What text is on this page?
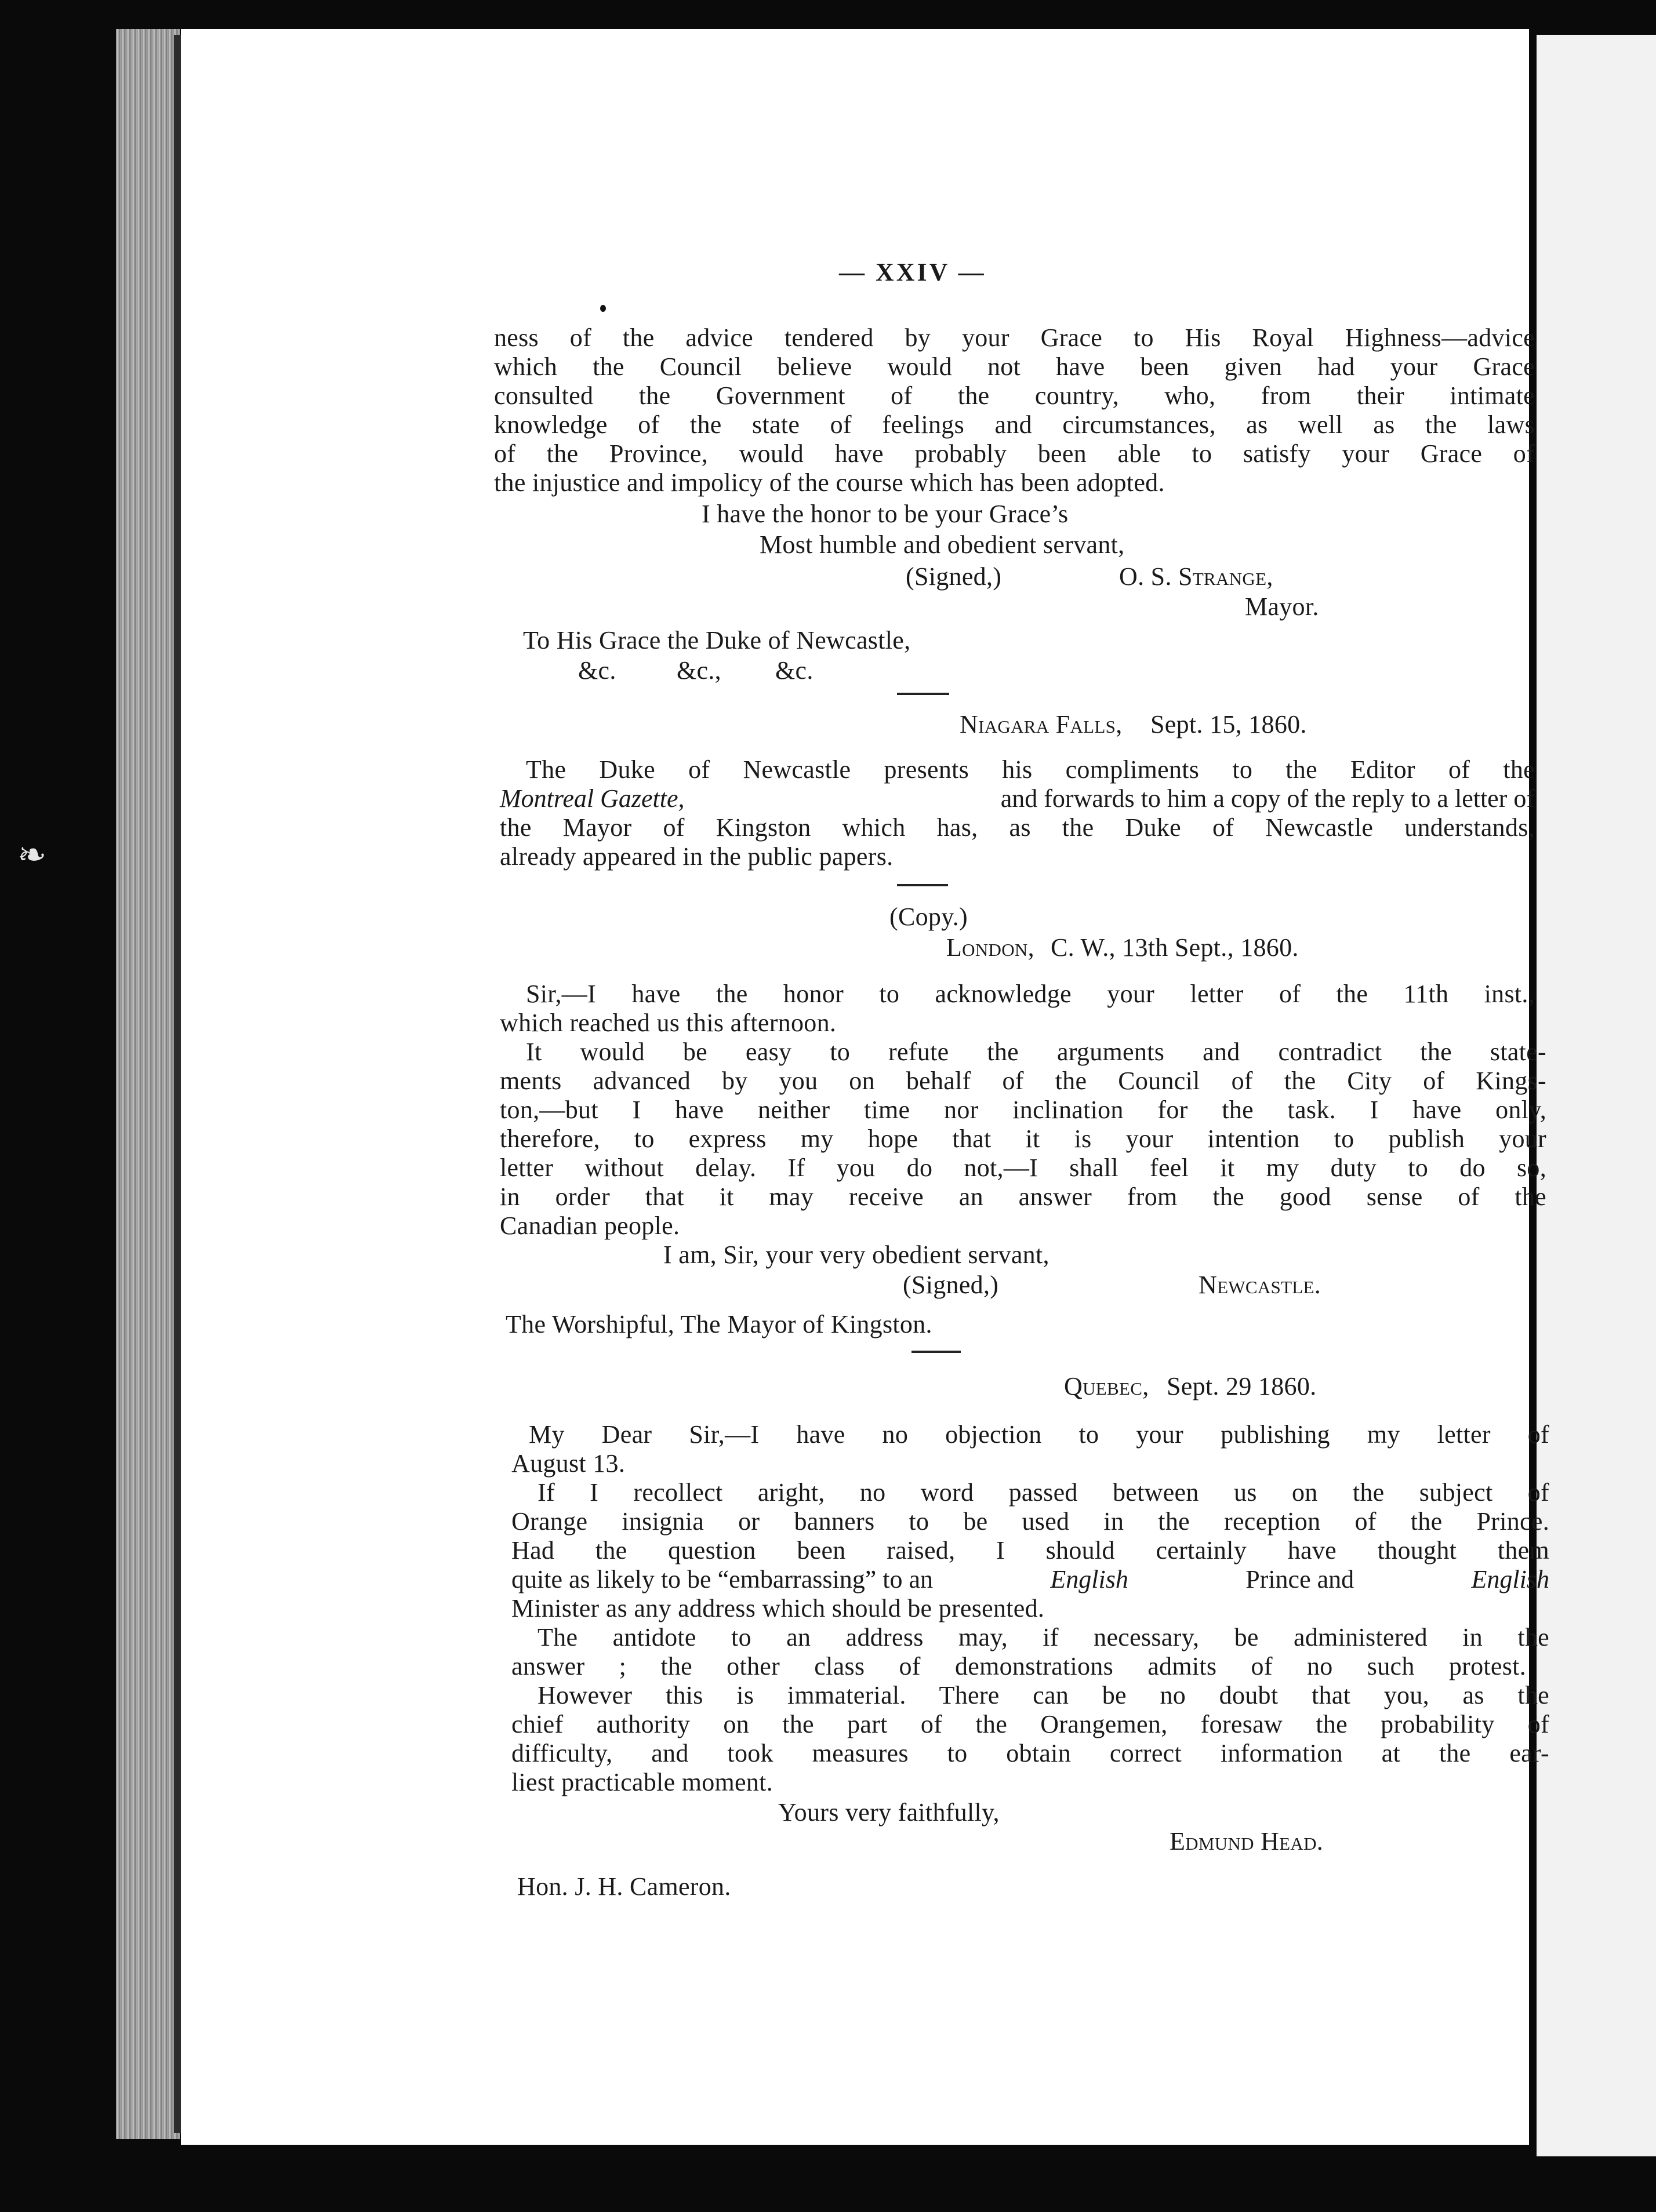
❧
— XXIV —
ness of the advice tendered by your Grace to His Royal Highness—advice
which the Council believe would not have been given had your Grace
consulted the Government of the country, who, from their intimate
knowledge of the state of feelings and circumstances, as well as the laws
of the Province, would have probably been able to satisfy your Grace of
the injustice and impolicy of the course which has been adopted.
I have the honor to be your Grace’s
Most humble and obedient servant,
(Signed,)	O. S. Strange,
Mayor.
To His Grace the Duke of Newcastle,
&c. &c., &c.
Niagara Falls, Sept. 15, 1860.
The Duke of Newcastle presents his compliments to the Editor of the
Montreal Gazette,	and forwards to him a copy of the reply to a letter of
the Mayor of Kingston which has, as the Duke of Newcastle understands,
already appeared in the public papers.
(Copy.)
London, C. W., 13th Sept., 1860.
Sir,—I have the honor to acknowledge your letter of the 11th inst.,
which reached us this afternoon.
It would be easy to refute the arguments and contradict the state-
ments advanced by you on behalf of the Council of the City of Kings-
ton,—but I have neither time nor inclination for the task. I have only,
therefore, to express my hope that it is your intention to publish your
letter without delay. If you do not,—I shall feel it my duty to do so,
in order that it may receive an answer from the good sense of the
Canadian people.
I am, Sir, your very obedient servant,
(Signed,)	Newcastle.
The Worshipful, The Mayor of Kingston.
Quebec, Sept. 29 1860.
My Dear Sir,—I have no objection to your publishing my letter of
August 13.
If I recollect aright, no word passed between us on the subject of
Orange insignia or banners to be used in the reception of the Prince.
Had the question been raised, I should certainly have thought them
quite as likely to be “embarrassing” to an	English	Prince and	English
Minister as any address which should be presented.
The antidote to an address may, if necessary, be administered in the
answer ; the other class of demonstrations admits of no such protest.
However this is immaterial. There can be no doubt that you, as the
chief authority on the part of the Orangemen, foresaw the probability of
difficulty, and took measures to obtain correct information at the ear-
liest practicable moment.
Yours very faithfully,
Edmund Head.
Hon. J. H. Cameron.
